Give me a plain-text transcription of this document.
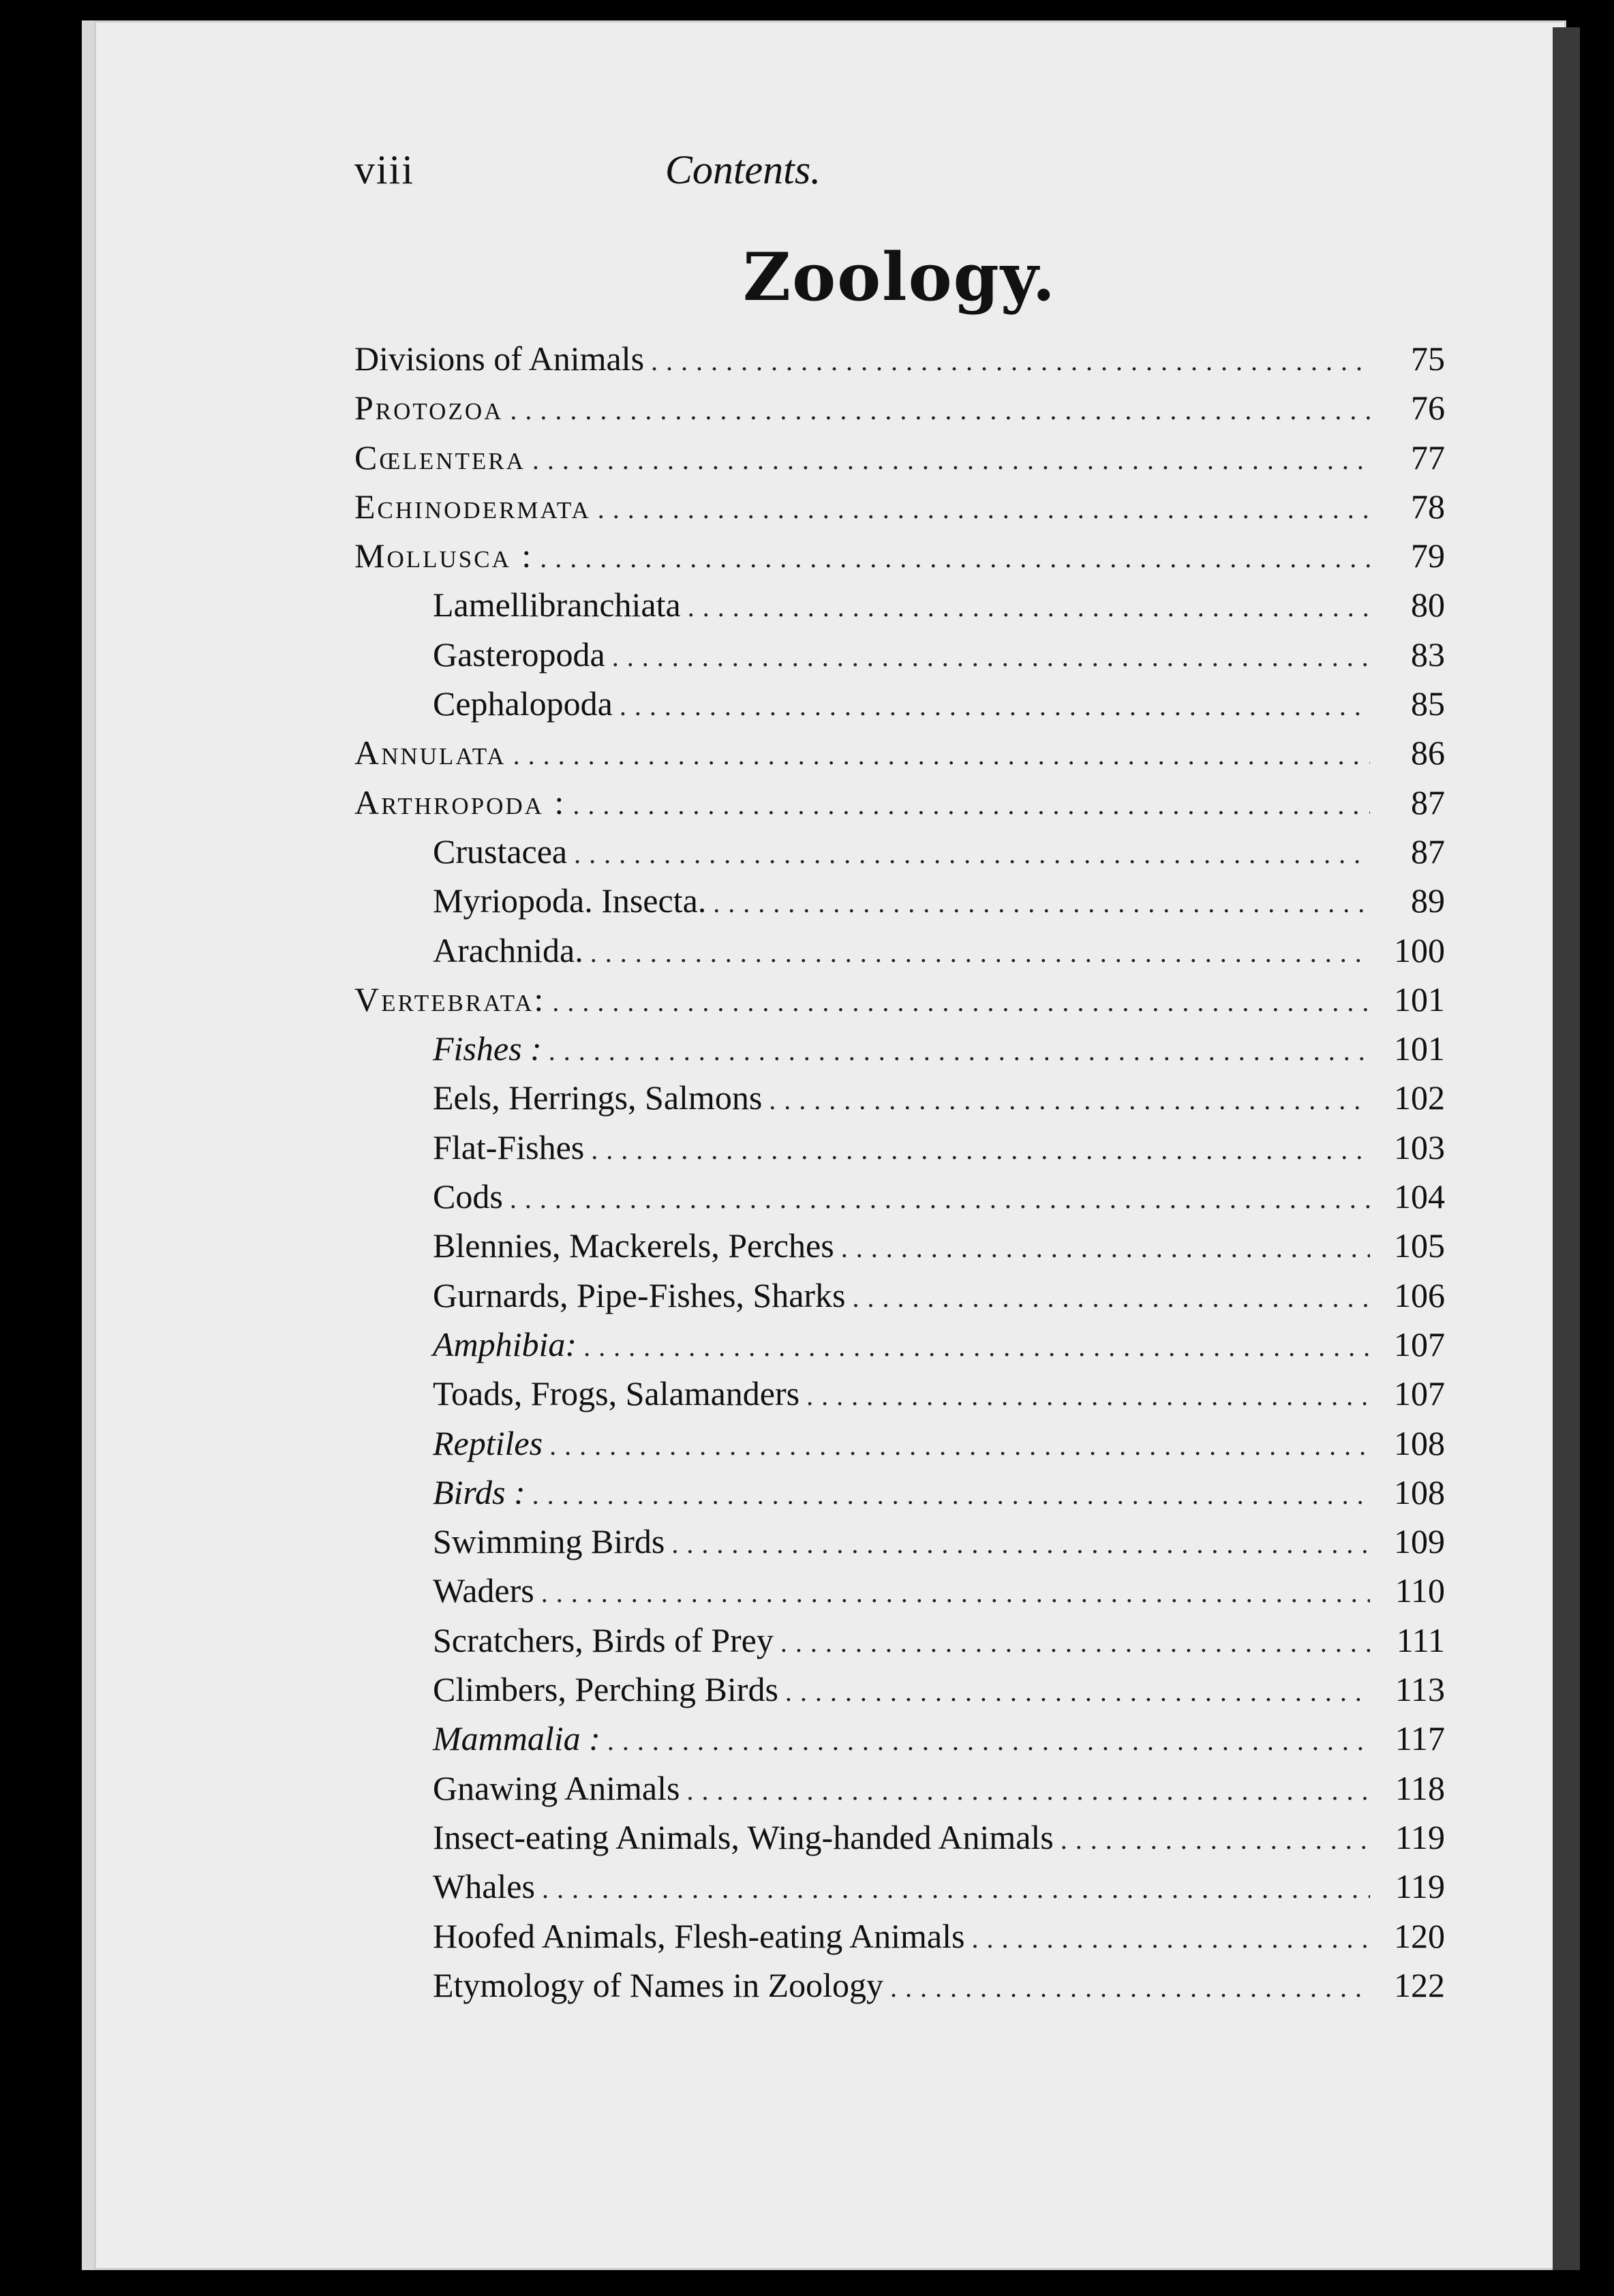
viii	Contents.
Zoology.
Divisions of Animals .....	75
Protozoa .....	76
Cœlentera .....	77
Echinodermata .....	78
Mollusca : .....	79
Lamellibranchiata .....	80
Gasteropoda .....	83
Cephalopoda .....	85
Annulata .....	86
Arthropoda : .....	87
Crustacea .....	87
Myriopoda. Insecta. .....	89
Arachnida. .....	100
Vertebrata: .....	101
Fishes : .....	101
Eels, Herrings, Salmons .....	102
Flat-Fishes .....	103
Cods .....	104
Blennies, Mackerels, Perches .....	105
Gurnards, Pipe-Fishes, Sharks .....	106
Amphibia: .....	107
Toads, Frogs, Salamanders .....	107
Reptiles .....	108
Birds : .....	108
Swimming Birds .....	109
Waders .....	110
Scratchers, Birds of Prey .....	111
Climbers, Perching Birds .....	113
Mammalia : .....	117
Gnawing Animals .....	118
Insect-eating Animals, Wing-handed Animals .....	119
Whales .....	119
Hoofed Animals, Flesh-eating Animals .....	120
Etymology of Names in Zoology .....	122
